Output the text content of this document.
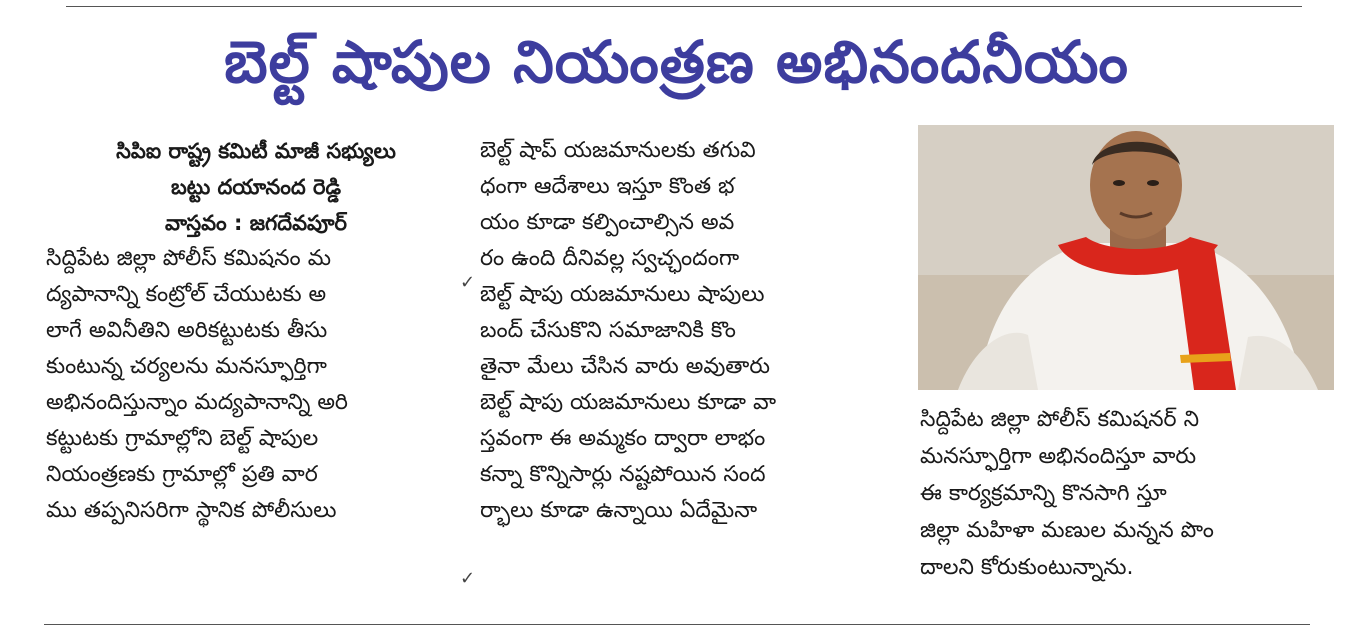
బెల్ట్ షాపుల నియంత్రణ అభినందనీయం
సిపిఐ రాష్ట్ర కమిటీ మాజీ సభ్యులు
బట్టు దయానంద రెడ్డి
వాస్తవం : జగదేవపూర్
సిద్దిపేట జిల్లా పోలీస్ కమిషనం మ
ద్యపానాన్ని కంట్రోల్ చేయుటకు అ
లాగే అవినీతిని అరికట్టుటకు తీసు
కుంటున్న చర్యలను మనస్ఫూర్తిగా
అభినందిస్తున్నాం మద్యపానాన్ని అరి
కట్టుటకు గ్రామాల్లోని బెల్ట్ షాపుల
నియంత్రణకు గ్రామాల్లో ప్రతి వార
ము తప్పనిసరిగా స్థానిక పోలీసులు
✓
✓
బెల్ట్ షాప్ యజమానులకు తగువి
ధంగా ఆదేశాలు ఇస్తూ కొంత భ
యం కూడా కల్పించాల్సిన అవ
రం ఉంది దీనివల్ల స్వచ్ఛందంగా
బెల్ట్ షాపు యజమానులు షాపులు
బంద్ చేసుకొని సమాజానికి కొం
తైనా మేలు చేసిన వారు అవుతారు
బెల్ట్ షాపు యజమానులు కూడా వా
స్తవంగా ఈ అమ్మకం ద్వారా లాభం
కన్నా కొన్నిసార్లు నష్టపోయిన సంద
ర్భాలు కూడా ఉన్నాయి ఏదేమైనా
సిద్దిపేట జిల్లా పోలీస్ కమిషనర్ ని
మనస్ఫూర్తిగా అభినందిస్తూ వారు
ఈ కార్యక్రమాన్ని కొనసాగి స్తూ
జిల్లా మహిళా మణుల మన్నన పొం
దాలని కోరుకుంటున్నాను.
